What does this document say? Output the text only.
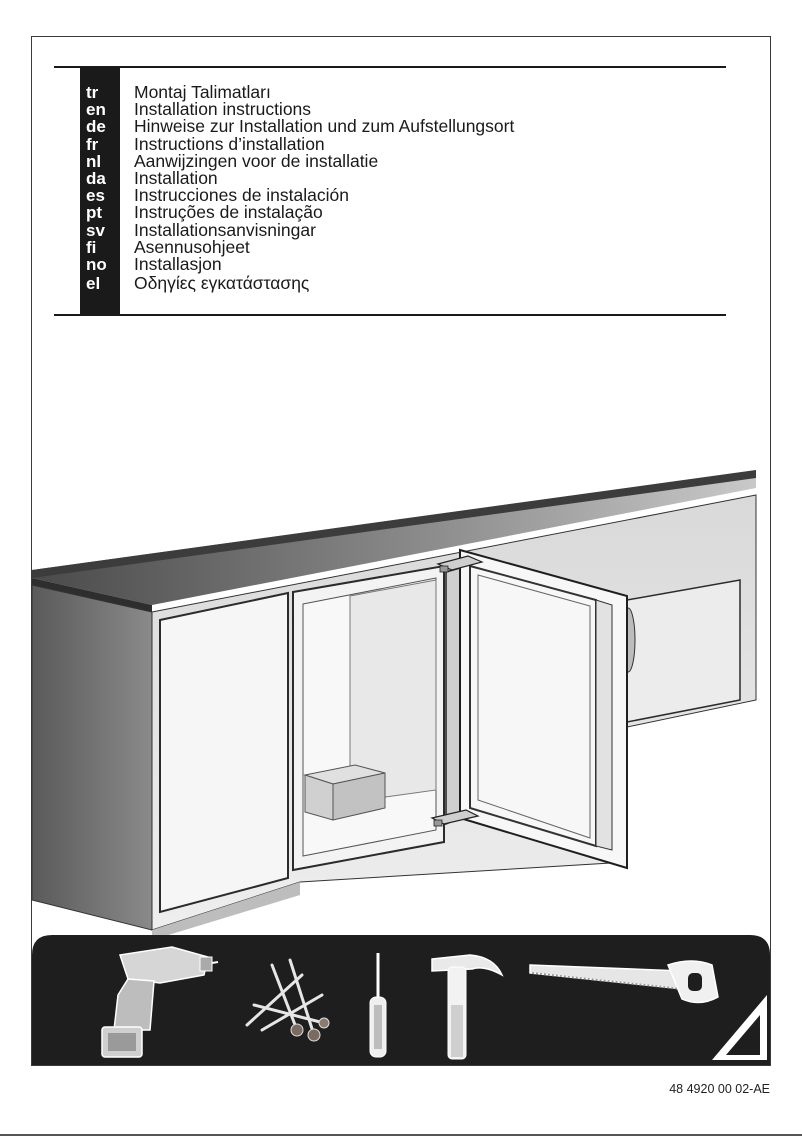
tr Montaj Talimatları
en Installation instructions
de Hinweise zur Installation und zum Aufstellungsort
fr Instructions d’installation
nl Aanwijzingen voor de installatie
da Installation
es Instrucciones de instalación
pt Instruções de instalação
sv Installationsanvisningar
fi Asennusohjeet
no Installasjon
el Οδηγίες εγκατάστασης
48 4920 00 02-AE
